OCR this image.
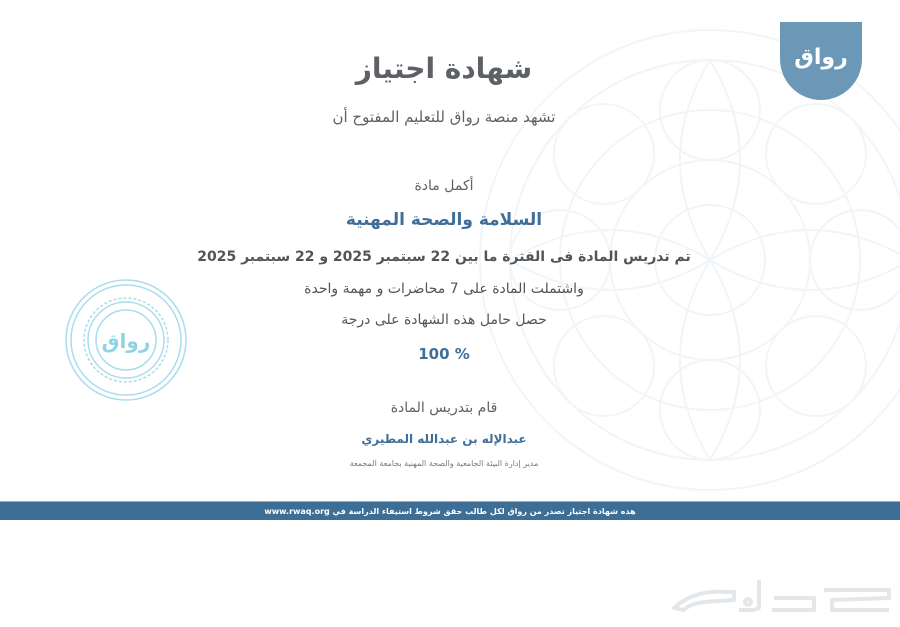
رواق
شهادة اجتياز
تشهد منصة رواق للتعليم المفتوح أن
أكمل مادة
السلامة والصحة المهنية
تم تدريس المادة فى الفترة ما بين 22 سبتمبر 2025 و 22 سبتمبر 2025
واشتملت المادة على 7 محاضرات و مهمة واحدة
حصل حامل هذه الشهادة على درجة
% 100
قام بتدريس المادة
عبدالإله بن عبدالله المطيري
مدير إدارة البيئة الجامعية والصحة المهنية بجامعة المجمعة
رواق
هذه شهادة اجتياز تصدر من رواق لكل طالب حقق شروط استيفاء الدراسة في www.rwaq.org
